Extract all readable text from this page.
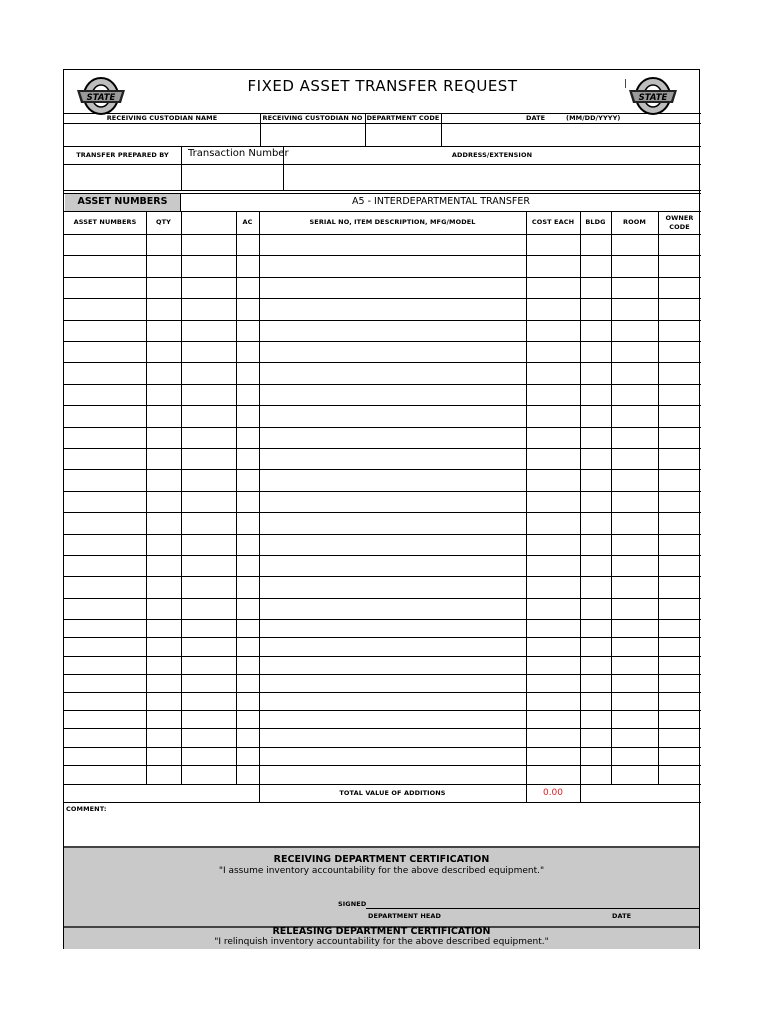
STATE	STATE
|
FIXED ASSET TRANSFER REQUEST
RECEIVING CUSTODIAN NAME	RECEIVING CUSTODIAN NO DEPARTMENT CODE	DATE	(MM/DD/YYYY)
TRANSFER PREPARED BY	Transaction Number	ADDRESS/EXTENSION
ASSET NUMBERS	A5 - INTERDEPARTMENTAL TRANSFER
ASSET NUMBERS	QTY	AC	SERIAL NO, ITEM DESCRIPTION, MFG/MODEL	COST EACH	BLDG	ROOM	OWNER
CODE
TOTAL VALUE OF ADDITIONS	0.00
COMMENT:
RECEIVING DEPARTMENT CERTIFICATION
"I assume inventory accountability for the above described equipment."
SIGNED
DEPARTMENT HEAD	DATE
RELEASING DEPARTMENT CERTIFICATION
"I relinquish inventory accountability for the above described equipment."
